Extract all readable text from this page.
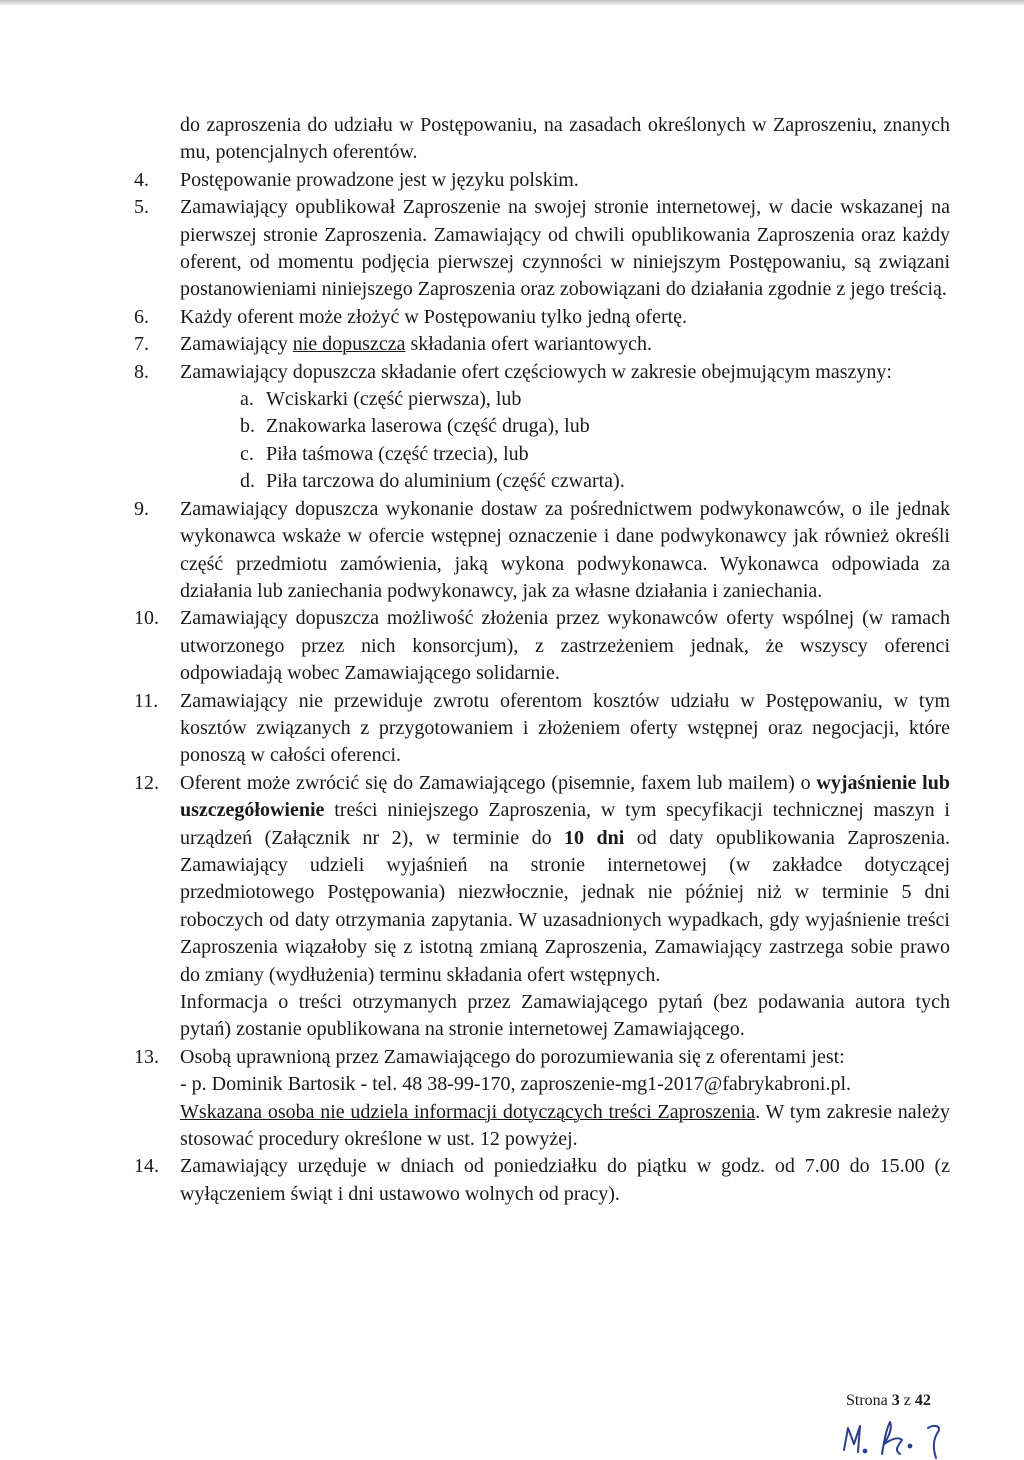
do zaproszenia do udziału w Postępowaniu, na zasadach określonych w Zaproszeniu, znanych mu, potencjalnych oferentów.
4.	Postępowanie prowadzone jest w języku polskim.
5.	Zamawiający opublikował Zaproszenie na swojej stronie internetowej, w dacie wskazanej na pierwszej stronie Zaproszenia. Zamawiający od chwili opublikowania Zaproszenia oraz każdy oferent, od momentu podjęcia pierwszej czynności w niniejszym Postępowaniu, są związani postanowieniami niniejszego Zaproszenia oraz zobowiązani do działania zgodnie z jego treścią.
6.	Każdy oferent może złożyć w Postępowaniu tylko jedną ofertę.
7.	Zamawiający nie dopuszcza składania ofert wariantowych.
8.	Zamawiający dopuszcza składanie ofert częściowych w zakresie obejmującym maszyny:

a. Wciskarki (część pierwsza), lub
b. Znakowarka laserowa (część druga), lub
c. Piła taśmowa (część trzecia), lub
d. Piła tarczowa do aluminium (część czwarta).
9.	Zamawiający dopuszcza wykonanie dostaw za pośrednictwem podwykonawców, o ile jednak wykonawca wskaże w ofercie wstępnej oznaczenie i dane podwykonawcy jak również określi część przedmiotu zamówienia, jaką wykona podwykonawca. Wykonawca odpowiada za działania lub zaniechania podwykonawcy, jak za własne działania i zaniechania.
10.	Zamawiający dopuszcza możliwość złożenia przez wykonawców oferty wspólnej (w ramach utworzonego przez nich konsorcjum), z zastrzeżeniem jednak, że wszyscy oferenci odpowiadają wobec Zamawiającego solidarnie.
11.	Zamawiający nie przewiduje zwrotu oferentom kosztów udziału w Postępowaniu, w tym kosztów związanych z przygotowaniem i złożeniem oferty wstępnej oraz negocjacji, które ponoszą w całości oferenci.
12.	Oferent może zwrócić się do Zamawiającego (pisemnie, faxem lub mailem) o wyjaśnienie lub uszczegółowienie treści niniejszego Zaproszenia, w tym specyfikacji technicznej maszyn i urządzeń (Załącznik nr 2), w terminie do 10 dni od daty opublikowania Zaproszenia. Zamawiający udzieli wyjaśnień na stronie internetowej (w zakładce dotyczącej przedmiotowego Postępowania) niezwłocznie, jednak nie później niż w terminie 5 dni roboczych od daty otrzymania zapytania. W uzasadnionych wypadkach, gdy wyjaśnienie treści Zaproszenia wiązałoby się z istotną zmianą Zaproszenia, Zamawiający zastrzega sobie prawo do zmiany (wydłużenia) terminu składania ofert wstępnych.

Informacja o treści otrzymanych przez Zamawiającego pytań (bez podawania autora tych pytań) zostanie opublikowana na stronie internetowej Zamawiającego.

13.	Osobą uprawnioną przez Zamawiającego do porozumiewania się z oferentami jest:

- p. Dominik Bartosik - tel. 48 38-99-170, zaproszenie-mg1-2017@fabrykabroni.pl.

Wskazana osoba nie udziela informacji dotyczących treści Zaproszenia. W tym zakresie należy stosować procedury określone w ust. 12 powyżej.

14.	Zamawiający urzęduje w dniach od poniedziałku do piątku w godz. od 7.00 do 15.00 (z wyłączeniem świąt i dni ustawowo wolnych od pracy).
Strona 3 z 42
